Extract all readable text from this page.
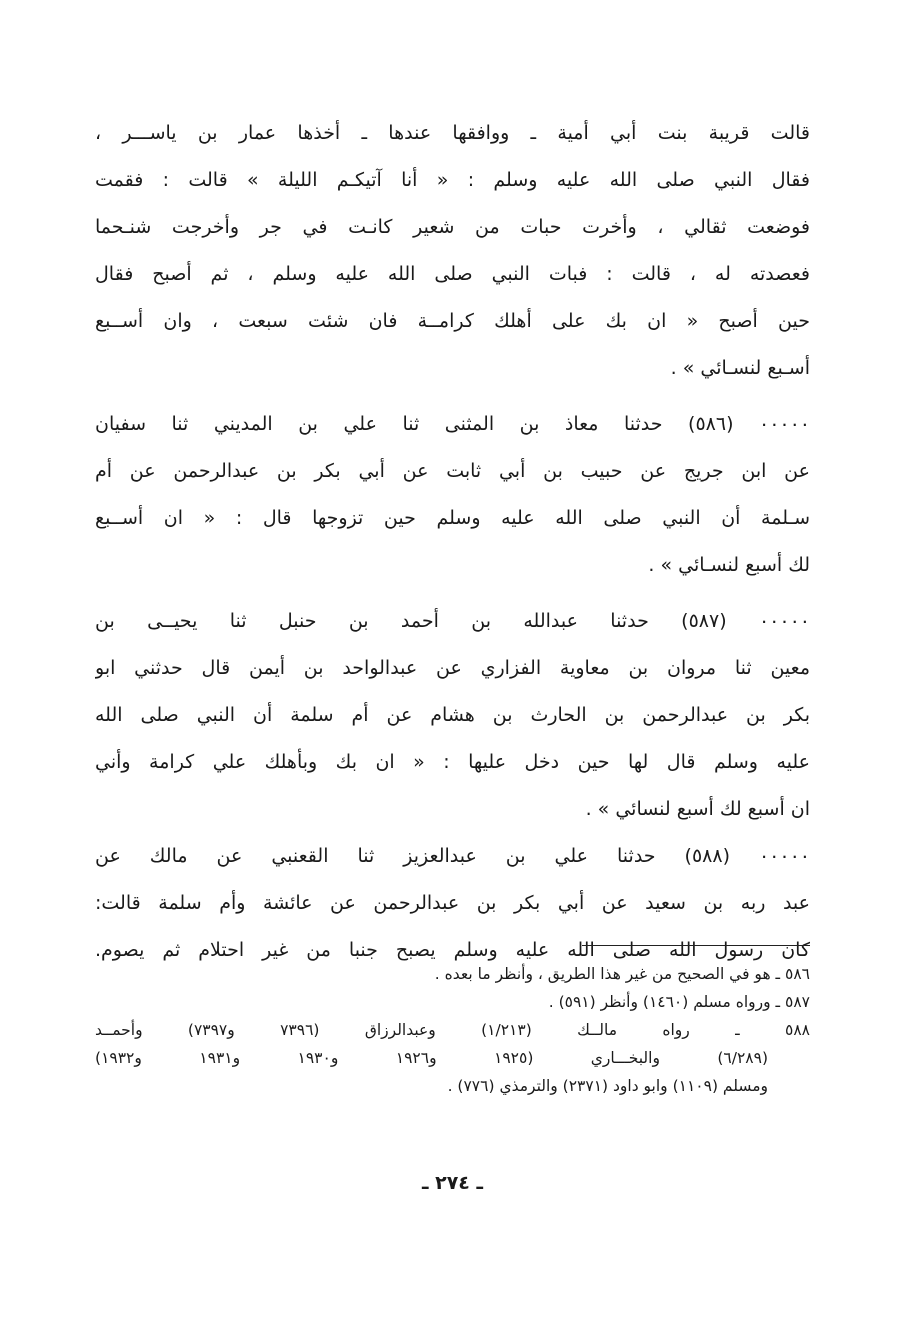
قالت قريبة بنت أبي أمية ـ ووافقها عندها ـ أخذها عمار بن ياســـر ،
فقال النبي صلى الله عليه وسلم : « أنا آتيكـم الليلة » قالت : فقمت
فوضعت ثقالي ، وأخرت حبات من شعير كانـت في جر وأخرجت شنـحما
فعصدته له ، قالت : فبات النبي صلى الله عليه وسلم ، ثم أصبح فقال
حين أصبح « ان بك على أهلك كرامــة فان شئت سبعت ، وان أســبع
أسـبع لنسـائي » .
٠٠٠٠٠ (٥٨٦) حدثنا معاذ بن المثنى ثنا علي بن المديني ثنا سفيان
عن ابن جريج عن حبيب بن أبي ثابت عن أبي بكر بن عبدالرحمن عن أم
سـلمة أن النبي صلى الله عليه وسلم حين تزوجها قال : « ان أســبع
لك أسبع لنسـائي » .
٠٠٠٠٠ (٥٨٧) حدثنا عبدالله بن أحمد بن حنبل ثنا يحيــى بن
معين ثنا مروان بن معاوية الفزاري عن عبدالواحد بن أيمن قال حدثني ابو
بكر بن عبدالرحمن بن الحارث بن هشام عن أم سلمة أن النبي صلى الله
عليه وسلم قال لها حين دخل عليها : « ان بك وبأهلك علي كرامة وأني
ان أسبع لك أسبع لنسائي » .
٠٠٠٠٠ (٥٨٨) حدثنا علي بن عبدالعزيز ثنا القعنبي عن مالك عن
عبد ربه بن سعيد عن أبي بكر بن عبدالرحمن عن عائشة وأم سلمة قالت:
كان رسول الله صلى الله عليه وسلم يصبح جنبا من غير احتلام ثم يصوم.
٥٨٦ ـ هو في الصحيح من غير هذا الطريق ، وأنظر ما بعده .
٥٨٧ ـ ورواه مسلم (١٤٦٠) وأنظر (٥٩١) .
٥٨٨ ـ رواه مالــك (١/٢١٣) وعبدالرزاق (٧٣٩٦ و٧٣٩٧) وأحمــد
(٦/٢٨٩) والبخـــاري (١٩٢٥ و١٩٢٦ و١٩٣٠ و١٩٣١ و١٩٣٢)
ومسلم (١١٠٩) وابو داود (٢٣٧١) والترمذي (٧٧٦) .
ـ ٢٧٤ ـ
